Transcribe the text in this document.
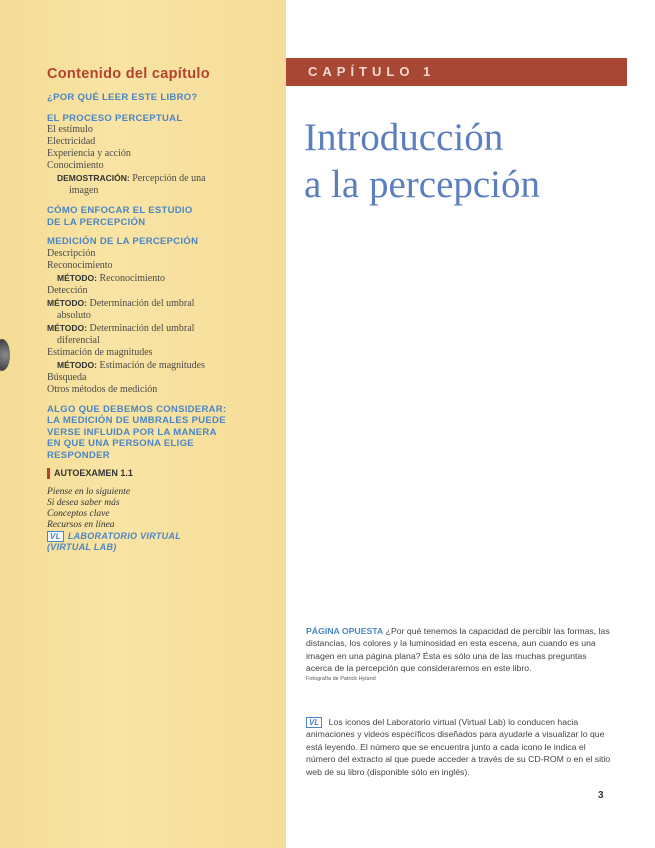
Contenido del capítulo
¿POR QUÉ LEER ESTE LIBRO?
EL PROCESO PERCEPTUAL
El estímulo
Electricidad
Experiencia y acción
Conocimiento
DEMOSTRACIÓN: Percepción de una
imagen
CÓMO ENFOCAR EL ESTUDIO
DE LA PERCEPCIÓN
MEDICIÓN DE LA PERCEPCIÓN
Descripción
Reconocimiento
MÉTODO: Reconocimiento
Detección
MÉTODO: Determinación del umbral
absoluto
MÉTODO: Determinación del umbral
diferencial
Estimación de magnitudes
MÉTODO: Estimación de magnitudes
Búsqueda
Otros métodos de medición
ALGO QUE DEBEMOS CONSIDERAR:
LA MEDICIÓN DE UMBRALES PUEDE
VERSE INFLUIDA POR LA MANERA
EN QUE UNA PERSONA ELIGE
RESPONDER
AUTOEXAMEN 1.1
Piense en lo siguiente
Si desea saber más
Conceptos clave
Recursos en línea
VL LABORATORIO VIRTUAL
(VIRTUAL LAB)
CAPÍTULO 1
Introducción
a la percepción
PÁGINA OPUESTA ¿Por qué tenemos la capacidad de percibir las formas, las distancias, los colores y la luminosidad en esta escena, aun cuando es una imagen en una página plana? Ésta es sólo una de las muchas preguntas acerca de la percepción que consideraremos en este libro.
Fotografía de Patrick Hyland
VL Los iconos del Laboratorio virtual (Virtual Lab) lo conducen hacia animaciones y videos específicos diseñados para ayudarle a visualizar lo que está leyendo. El número que se encuentra junto a cada icono le indica el número del extracto al que puede acceder a través de su CD-ROM o en el sitio web de su libro (disponible sólo en inglés).
3
